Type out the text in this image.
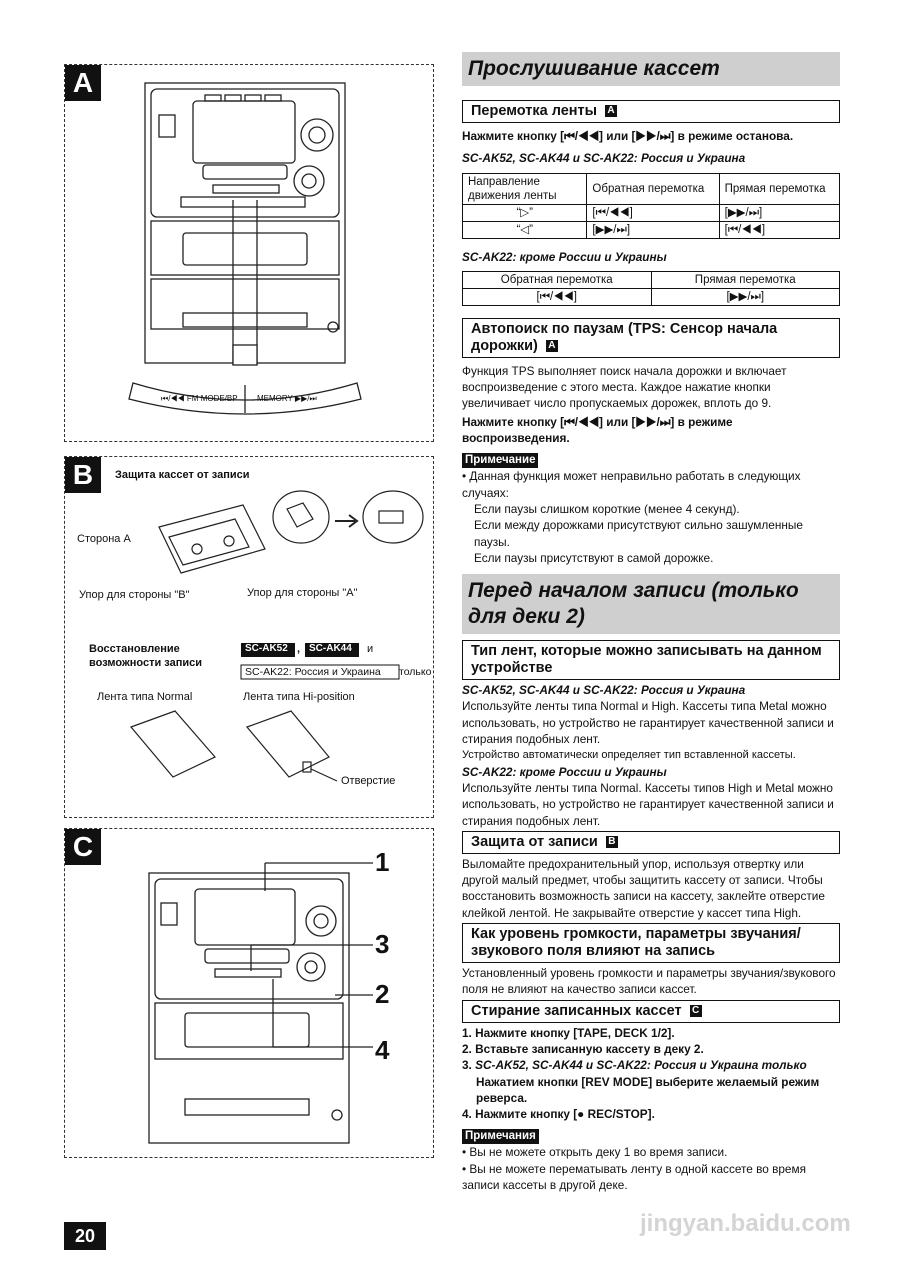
A
⏮/◀◀ FM MODE/BP MEMORY ▶▶/⏭
B	Защита кассет от записи
Сторона A
Упор для стороны "B"	Упор для стороны "A"
Восстановление
возможности записи
SC-AK52 , SC-AK44 и
SC-AK22: Россия и Украина только
Лента типа Normal	Лента типа Hi-position
Отверстие
C	1
3
2
4
20
Прослушивание кассет
Перемотка ленты A
Нажмите кнопку [⏮/◀◀] или [▶▶/⏭] в режиме останова.
SC-AK52, SC-AK44 и SC-AK22: Россия и Украина
Направление движения ленты	Обратная перемотка	Прямая перемотка
“▷”	[⏮/◀◀]	[▶▶/⏭]
“◁”	[▶▶/⏭]	[⏮/◀◀]
SC-AK22: кроме России и Украины
Обратная перемотка	Прямая перемотка
[⏮/◀◀]	[▶▶/⏭]
Автопоиск по паузам (TPS: Сенсор начала дорожки) A
Функция TPS выполняет поиск начала дорожки и включает воспроизведение с этого места. Каждое нажатие кнопки увеличивает число пропускаемых дорожек, вплоть до 9.
Нажмите кнопку [⏮/◀◀] или [▶▶/⏭] в режиме воспроизведения.
Примечание
• Данная функция может неправильно работать в следующих случаях:
Если паузы слишком короткие (менее 4 секунд).
Если между дорожками присутствуют сильно зашумленные паузы.
Если паузы присутствуют в самой дорожке.
Перед началом записи (только для деки 2)
Тип лент, которые можно записывать на данном устройстве
SC-AK52, SC-AK44 и SC-AK22: Россия и Украина
Используйте ленты типа Normal и High. Кассеты типа Metal можно использовать, но устройство не гарантирует качественной записи и стирания подобных лент.
Устройство автоматически определяет тип вставленной кассеты.
SC-AK22: кроме России и Украины
Используйте ленты типа Normal. Кассеты типов High и Metal можно использовать, но устройство не гарантирует качественной записи и стирания подобных лент.
Защита от записи B
Выломайте предохранительный упор, используя отвертку или другой малый предмет, чтобы защитить кассету от записи. Чтобы восстановить возможность записи на кассету, заклейте отверстие клейкой лентой. Не закрывайте отверстие у кассет типа High.
Как уровень громкости, параметры звучания/звукового поля влияют на запись
Установленный уровень громкости и параметры звучания/звукового поля не влияют на качество записи кассет.
Стирание записанных кассет C
1. Нажмите кнопку [TAPE, DECK 1/2].
2. Вставьте записанную кассету в деку 2.
3. SC-AK52, SC-AK44 и SC-AK22: Россия и Украина только
Нажатием кнопки [REV MODE] выберите желаемый режим реверса.
4. Нажмите кнопку [● REC/STOP].
Примечания
• Вы не можете открыть деку 1 во время записи.
• Вы не можете перематывать ленту в одной кассете во время записи кассеты в другой деке.
jingyan.baidu.com
